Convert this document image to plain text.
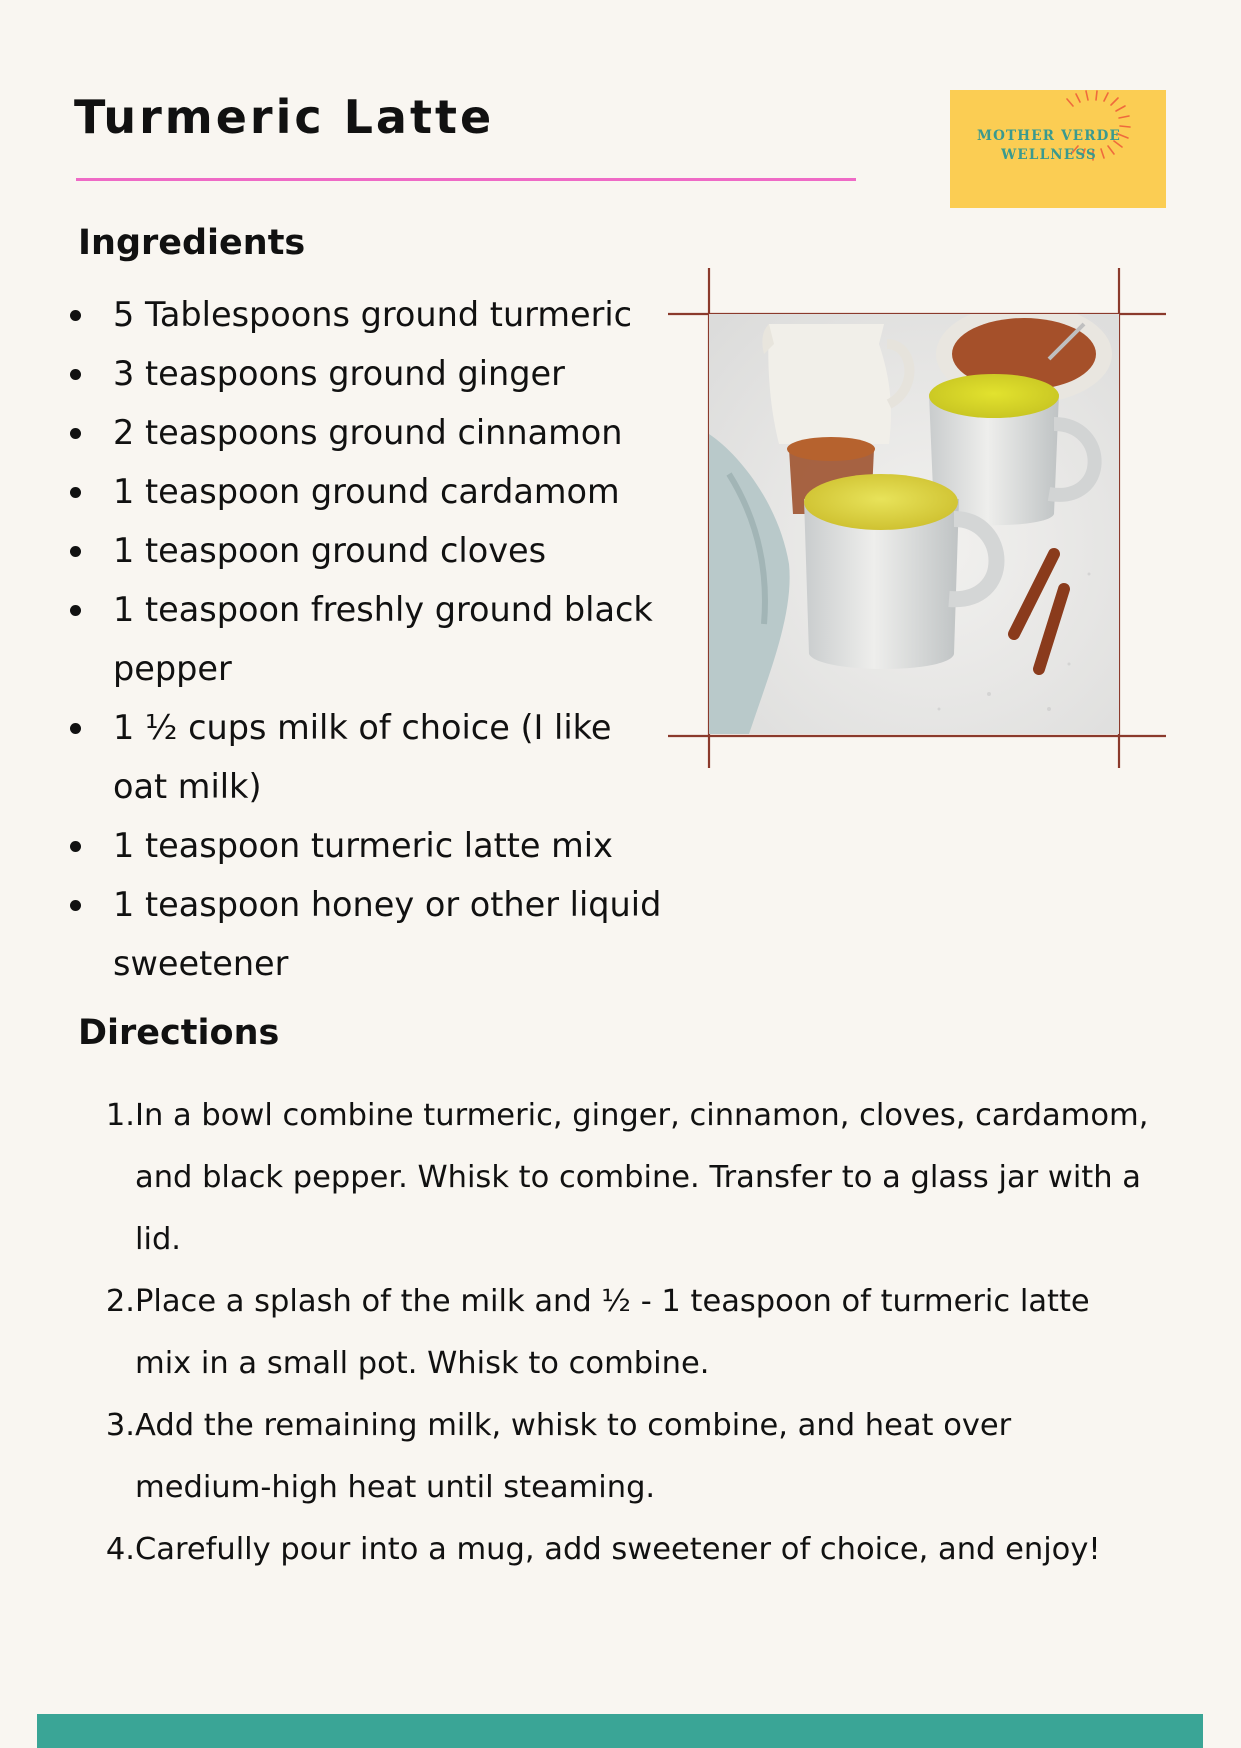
Turmeric Latte	MOTHER VERDE
WELLNESS
Ingredients
5 Tablespoons ground turmeric
3 teaspoons ground ginger
2 teaspoons ground cinnamon
1 teaspoon ground cardamom
1 teaspoon ground cloves
1 teaspoon freshly ground black pepper
1 ½ cups milk of choice (I like oat milk)
1 teaspoon turmeric latte mix
1 teaspoon honey or other liquid sweetener
Directions
1. In a bowl combine turmeric, ginger, cinnamon, cloves, cardamom, and black pepper. Whisk to combine. Transfer to a glass jar with a lid.
2. Place a splash of the milk and ½ - 1 teaspoon of turmeric latte mix in a small pot. Whisk to combine.
3. Add the remaining milk, whisk to combine, and heat over medium-high heat until steaming.
4. Carefully pour into a mug, add sweetener of choice, and enjoy!
